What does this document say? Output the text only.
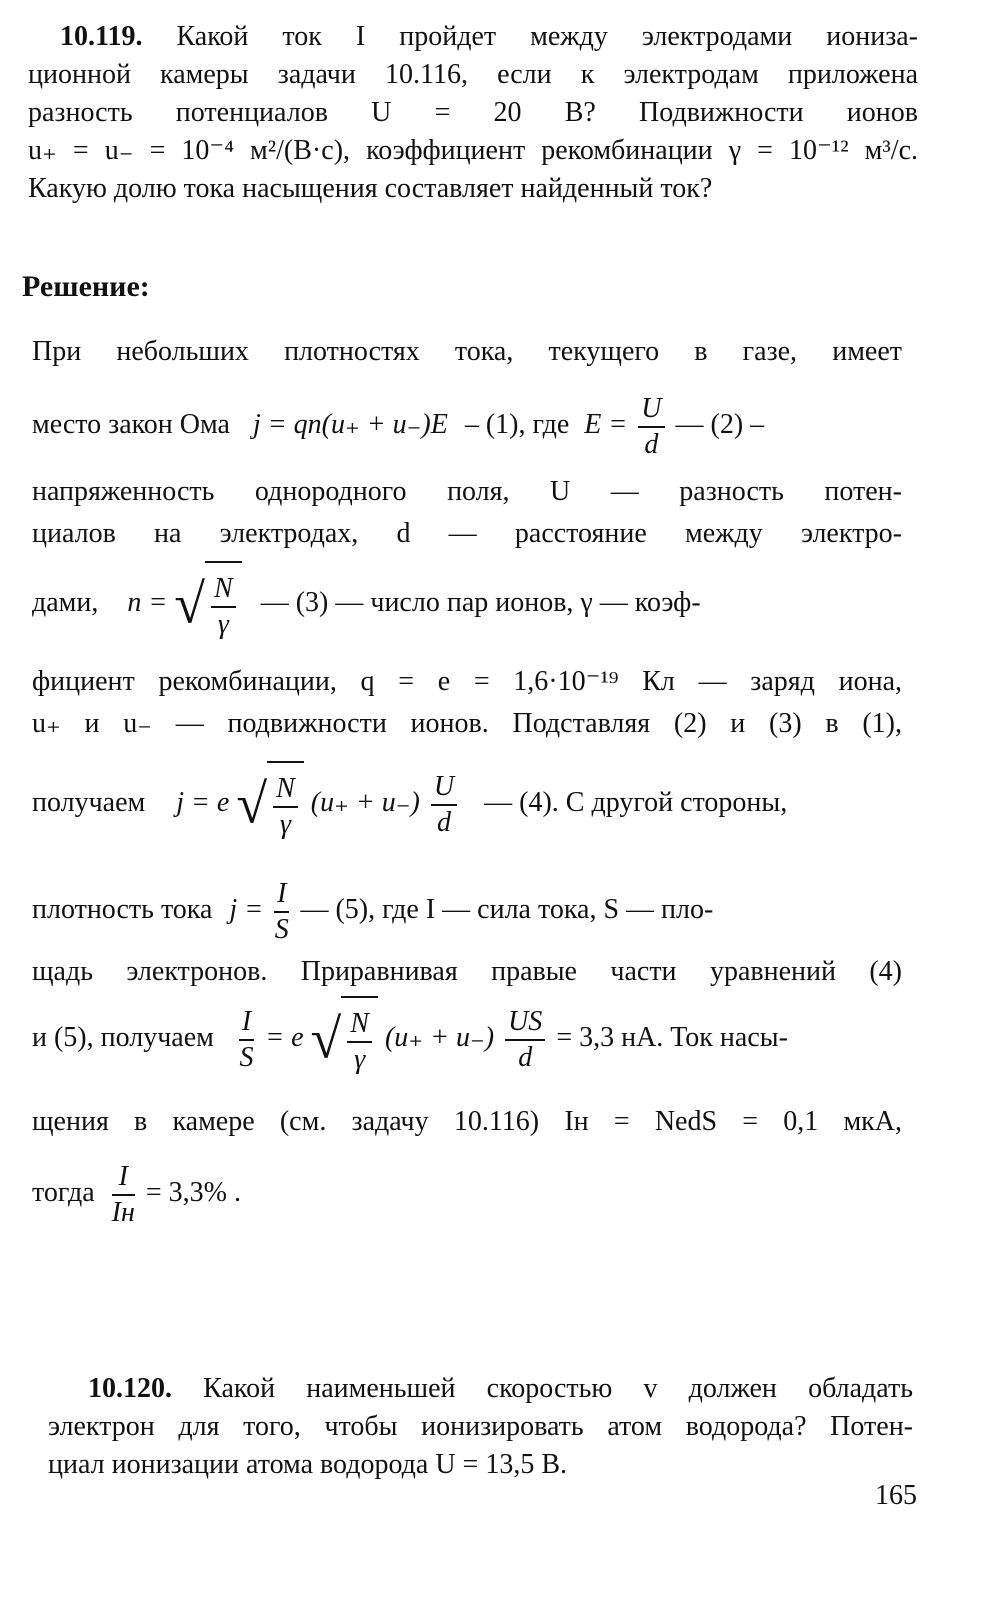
10.119. Какой ток I пройдет между электродами иониза-
ционной камеры задачи 10.116, если к электродам приложена
разность потенциалов U = 20 В? Подвижности ионов
u₊ = u₋ = 10⁻⁴ м²/(В·с), коэффициент рекомбинации γ = 10⁻¹² м³/с.
Какую долю тока насыщения составляет найденный ток?
Решение:
При небольших плотностях тока, текущего в газе, имеет
место закон Ома j = qn(u₊ + u₋)E – (1), где $E = \frac{U}{d}$ — (2) –
напряженность однородного поля, U — разность потен-
циалов на электродах, d — расстояние между электро-
дами, n = √ $\frac{N}{\gamma}$ — (3) — число пар ионов, γ — коэф-
фициент рекомбинации, q = e = 1,6·10⁻¹⁹ Кл — заряд иона,
u₊ и u₋ — подвижности ионов. Подставляя (2) и (3) в (1),
получаем j = e √ $\frac{N}{\gamma} (u_+ + u_-) \frac{U}{d}$ — (4). С другой стороны,
плотность тока $j = \frac{I}{S}$ — (5), где I — сила тока, S — пло-
щадь электронов. Приравнивая правые части уравнений (4)
и (5), получаем $\frac{I}{S} = e$ √ $\frac{N}{\gamma} (u_+ + u_-) \frac{US}{d} = 3,3$ нА. Ток насы-
щения в камере (см. задачу 10.116) Iн = NedS = 0,1 мкА,
тогда $\frac{I}{Iн} = 3,3\%$ .
10.120. Какой наименьшей скоростью v должен обладать
электрон для того, чтобы ионизировать атом водорода? Потен-
циал ионизации атома водорода U = 13,5 В.
165
